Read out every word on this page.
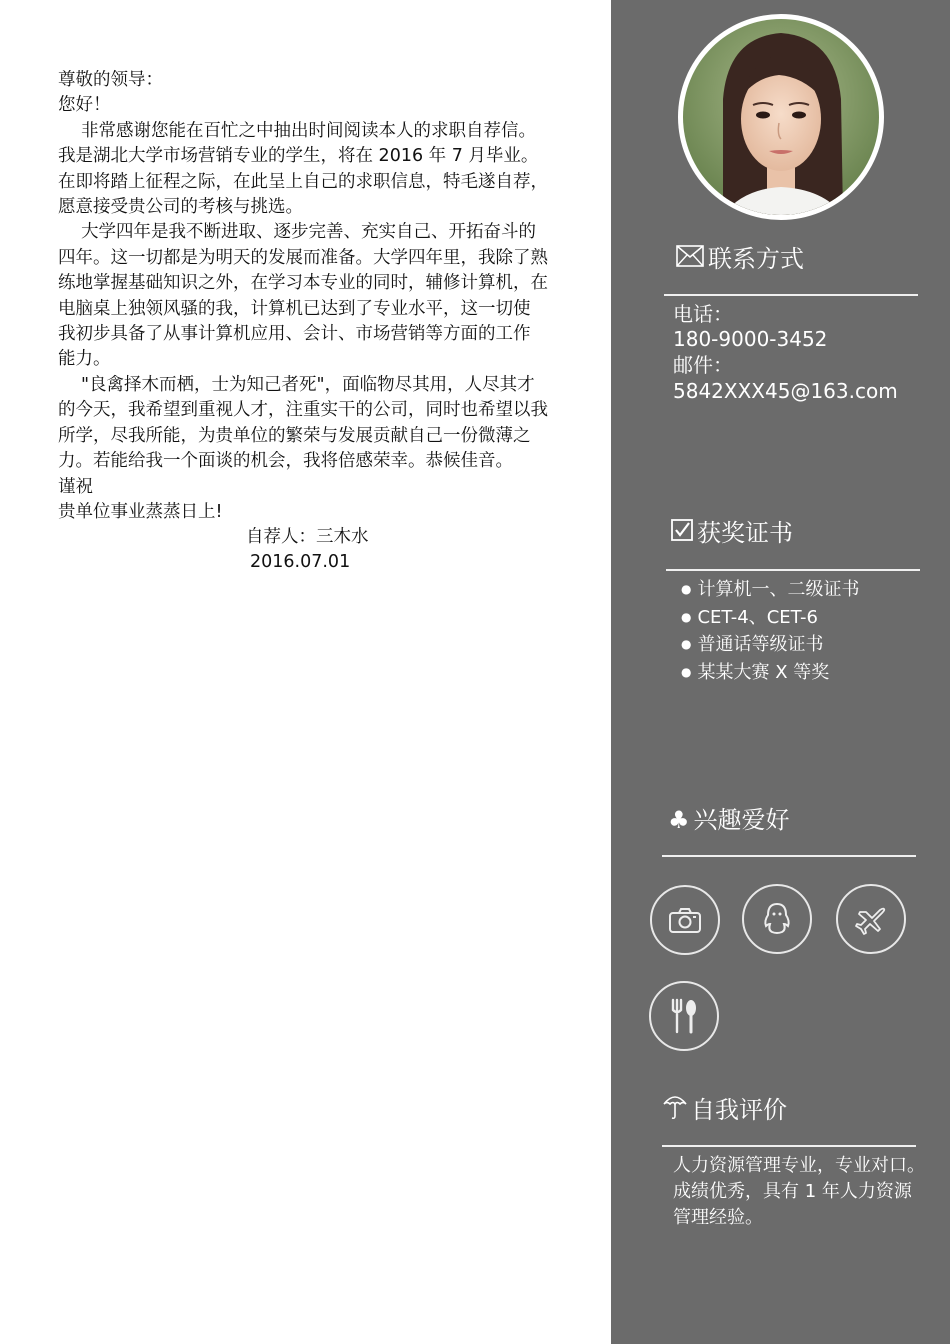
尊敬的领导：

您好！

非常感谢您能在百忙之中抽出时间阅读本人的求职自荐信。

我是湖北大学市场营销专业的学生，将在 2016 年 7 月毕业。

在即将踏上征程之际，在此呈上自己的求职信息，特毛遂自荐，

愿意接受贵公司的考核与挑选。

大学四年是我不断进取、逐步完善、充实自己、开拓奋斗的

四年。这一切都是为明天的发展而准备。大学四年里，我除了熟

练地掌握基础知识之外，在学习本专业的同时，辅修计算机，在

电脑桌上独领风骚的我，计算机已达到了专业水平，这一切使

我初步具备了从事计算机应用、会计、市场营销等方面的工作

能力。

"良禽择木而栖，士为知己者死"，面临物尽其用，人尽其才

的今天，我希望到重视人才，注重实干的公司，同时也希望以我

所学，尽我所能，为贵单位的繁荣与发展贡献自己一份微薄之

力。若能给我一个面谈的机会，我将倍感荣幸。恭候佳音。

谨祝

贵单位事业蒸蒸日上!

自荐人：三木水
2016.07.01
联系方式
电话：
180-9000-3452
邮件：
5842XXX45@163.com
获奖证书
● 计算机一、二级证书
● CET-4、CET-6
● 普通话等级证书
● 某某大赛 X 等奖
♣ 兴趣爱好
自我评价
人力资源管理专业，专业对口。
成绩优秀，具有 1 年人力资源
管理经验。
